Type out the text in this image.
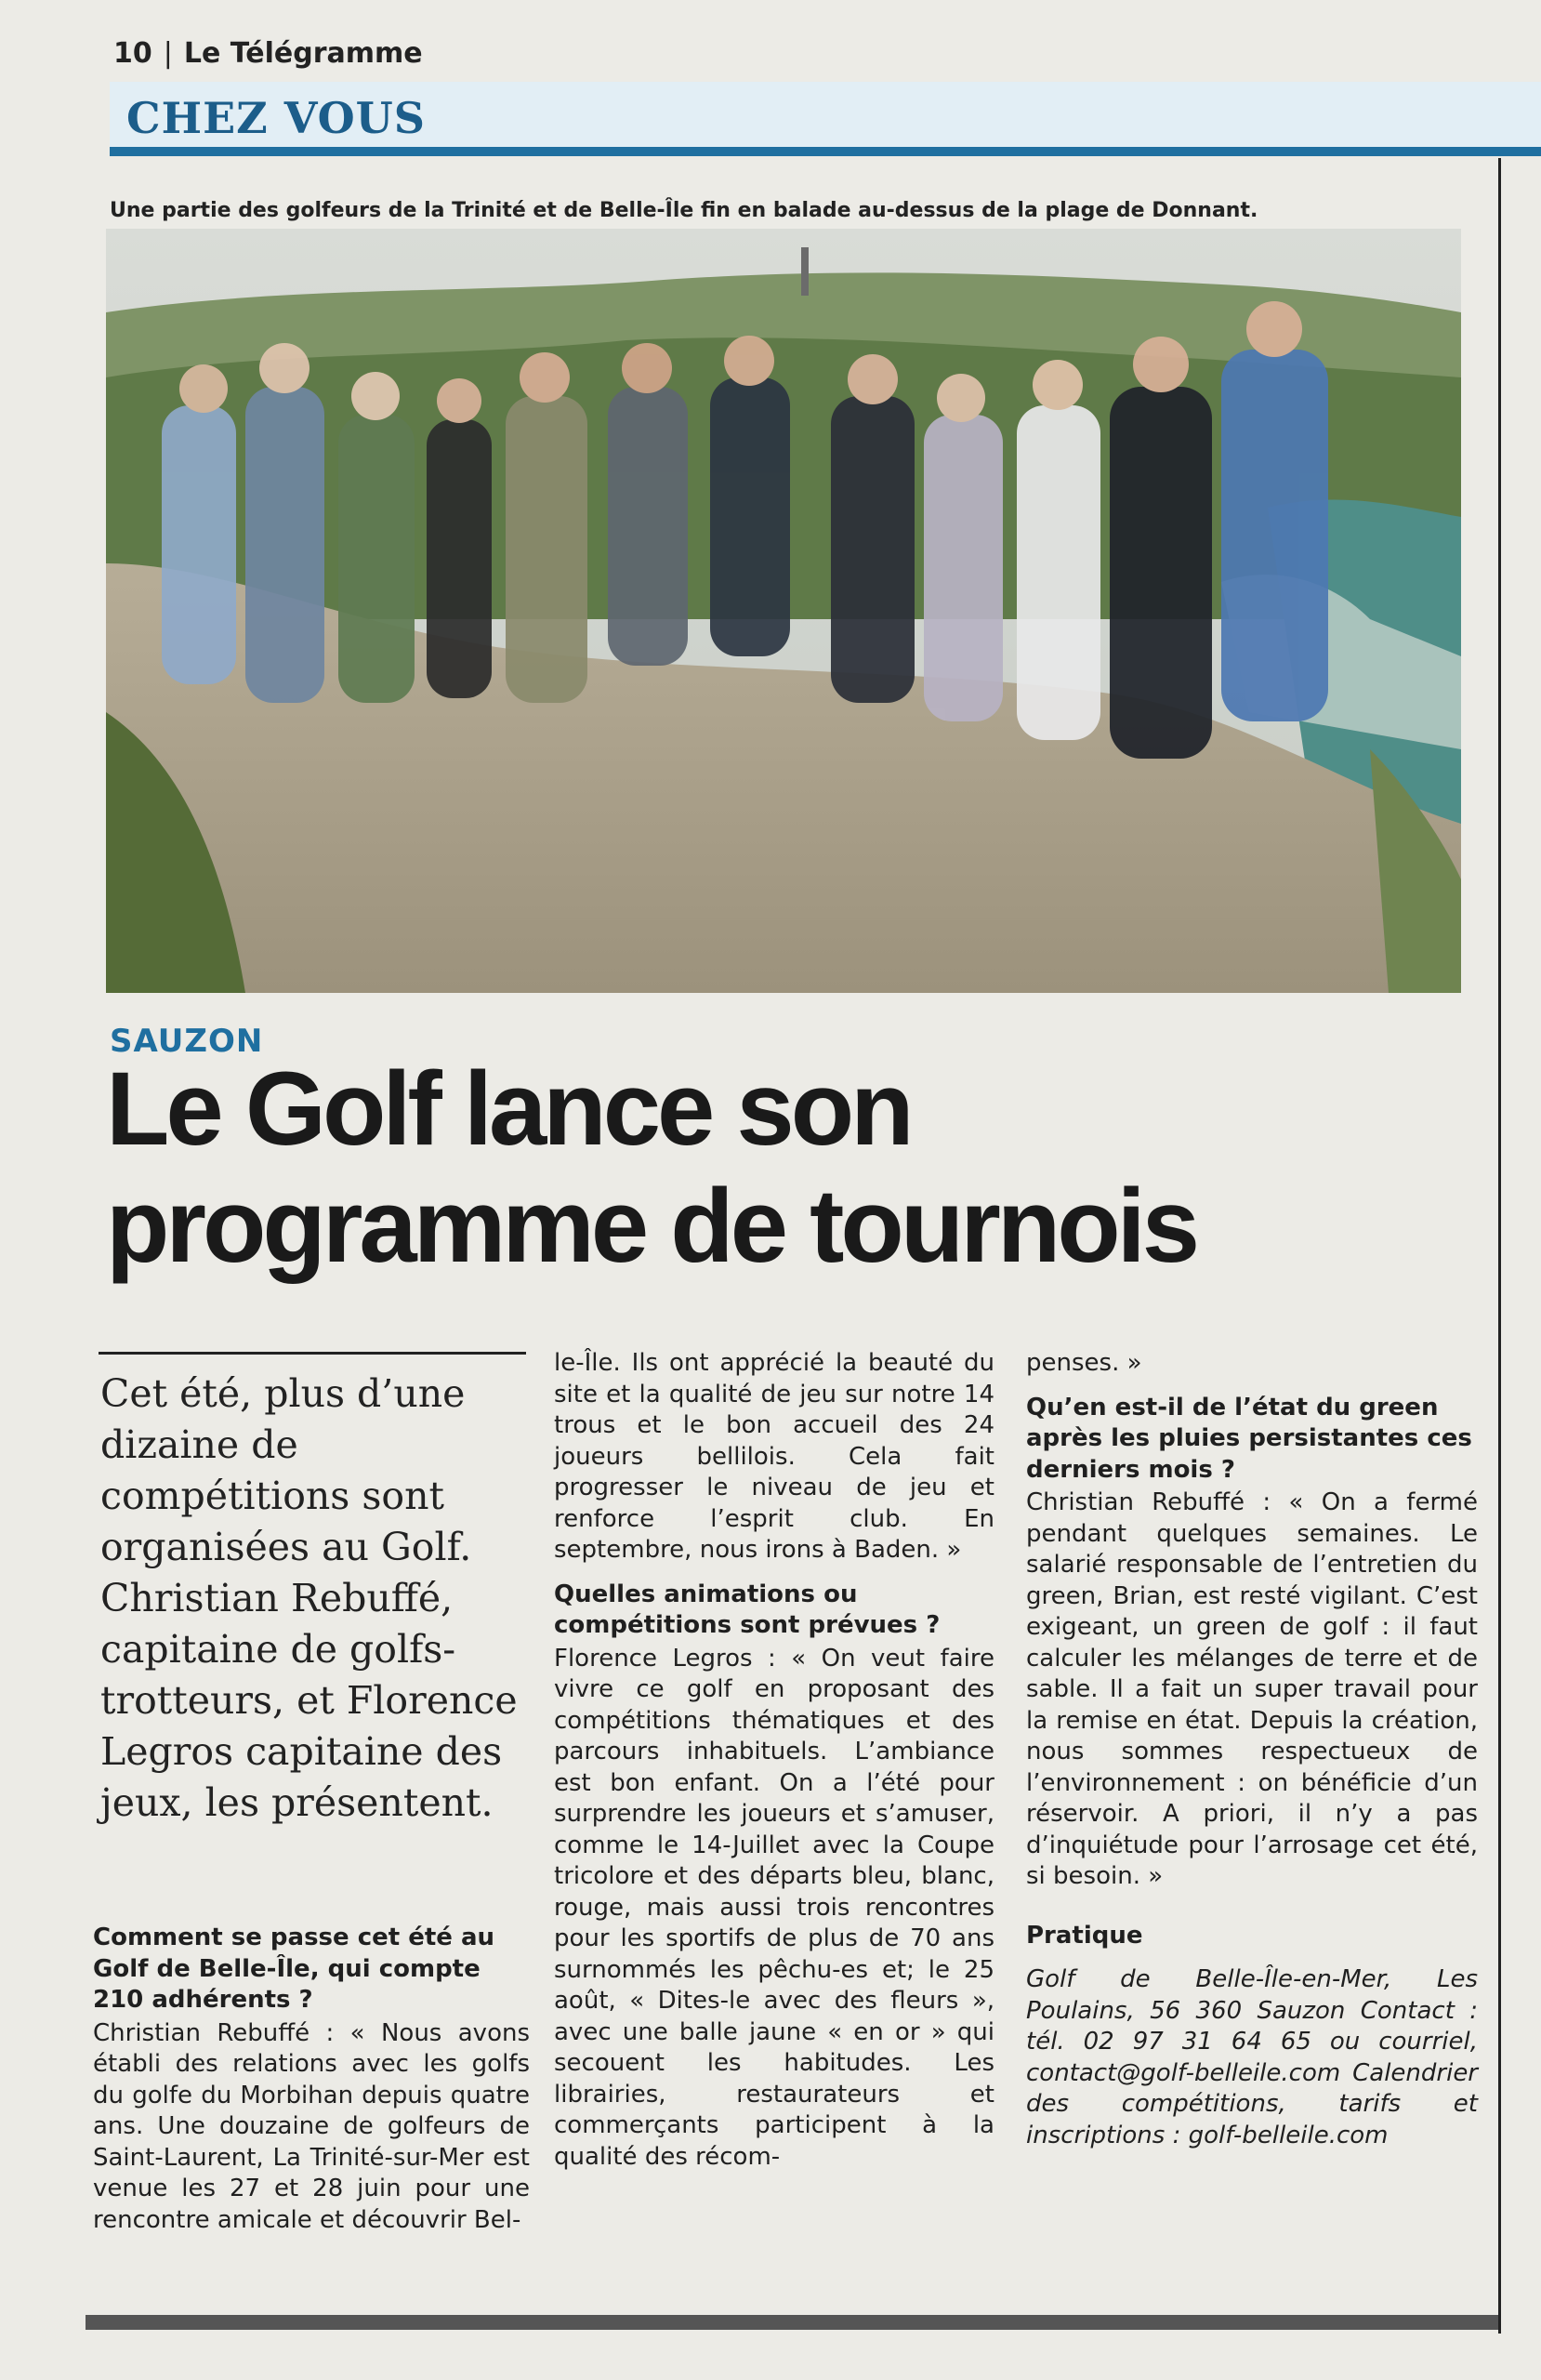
10 | Le Télégramme
CHEZ VOUS
Une partie des golfeurs de la Trinité et de Belle-Île fin en balade au-dessus de la plage de Donnant.
SAUZON
Le Golf lance son
programme de tournois
Cet été, plus d’une dizaine de compétitions sont organisées au Golf. Christian Rebuffé, capitaine de golfs-trotteurs, et Florence Legros capitaine des jeux, les présentent.

Comment se passe cet été au Golf de Belle-Île, qui compte 210 adhérents ?

Christian Rebuffé : « Nous avons établi des relations avec les golfs du golfe du Morbihan depuis quatre ans. Une douzaine de golfeurs de Saint-Laurent, La Trinité-sur-Mer est venue les 27 et 28 juin pour une rencontre amicale et découvrir Bel-

le-Île. Ils ont apprécié la beauté du site et la qualité de jeu sur notre 14 trous et le bon accueil des 24 joueurs bellilois. Cela fait progresser le niveau de jeu et renforce l’esprit club. En septembre, nous irons à Baden. »

Quelles animations ou compétitions sont prévues ?

Florence Legros : « On veut faire vivre ce golf en proposant des compétitions thématiques et des parcours inhabituels. L’ambiance est bon enfant. On a l’été pour surprendre les joueurs et s’amuser, comme le 14-Juillet avec la Coupe tricolore et des départs bleu, blanc, rouge, mais aussi trois rencontres pour les sportifs de plus de 70 ans surnommés les pêchu-es et; le 25 août, « Dites-le avec des fleurs », avec une balle jaune « en or » qui secouent les habitudes. Les librairies, restaurateurs et commerçants participent à la qualité des récom-

penses. »

Qu’en est-il de l’état du green après les pluies persistantes ces derniers mois ?

Christian Rebuffé : « On a fermé pendant quelques semaines. Le salarié responsable de l’entretien du green, Brian, est resté vigilant. C’est exigeant, un green de golf : il faut calculer les mélanges de terre et de sable. Il a fait un super travail pour la remise en état. Depuis la création, nous sommes respectueux de l’environnement : on bénéficie d’un réservoir. A priori, il n’y a pas d’inquiétude pour l’arrosage cet été, si besoin. »

Pratique

Golf de Belle-Île-en-Mer, Les Poulains, 56 360 Sauzon Contact : tél. 02 97 31 64 65 ou courriel, contact@golf-belleile.com Calendrier des compétitions, tarifs et inscriptions : golf-belleile.com
